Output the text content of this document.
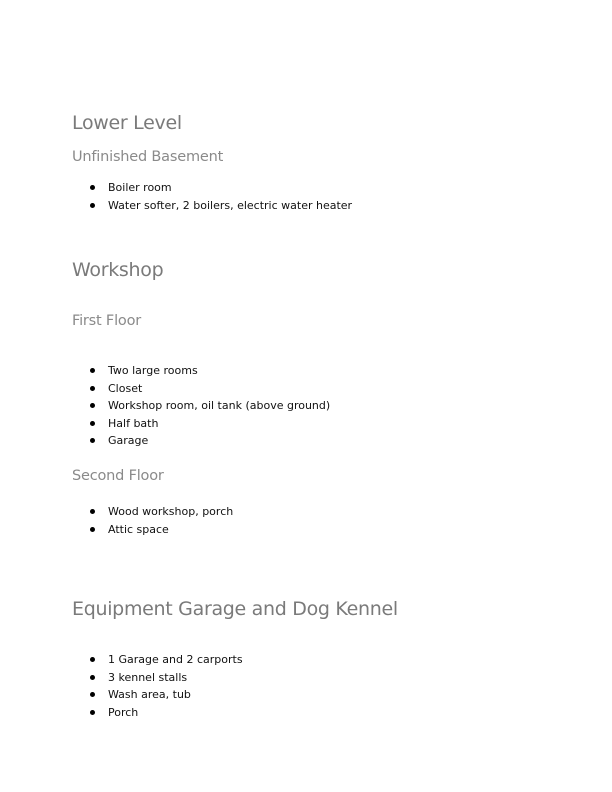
Lower Level
Unfinished Basement
Boiler room
Water softer, 2 boilers, electric water heater
Workshop
First Floor
Two large rooms
Closet
Workshop room, oil tank (above ground)
Half bath
Garage
Second Floor
Wood workshop, porch
Attic space
Equipment Garage and Dog Kennel
1 Garage and 2 carports
3 kennel stalls
Wash area, tub
Porch
